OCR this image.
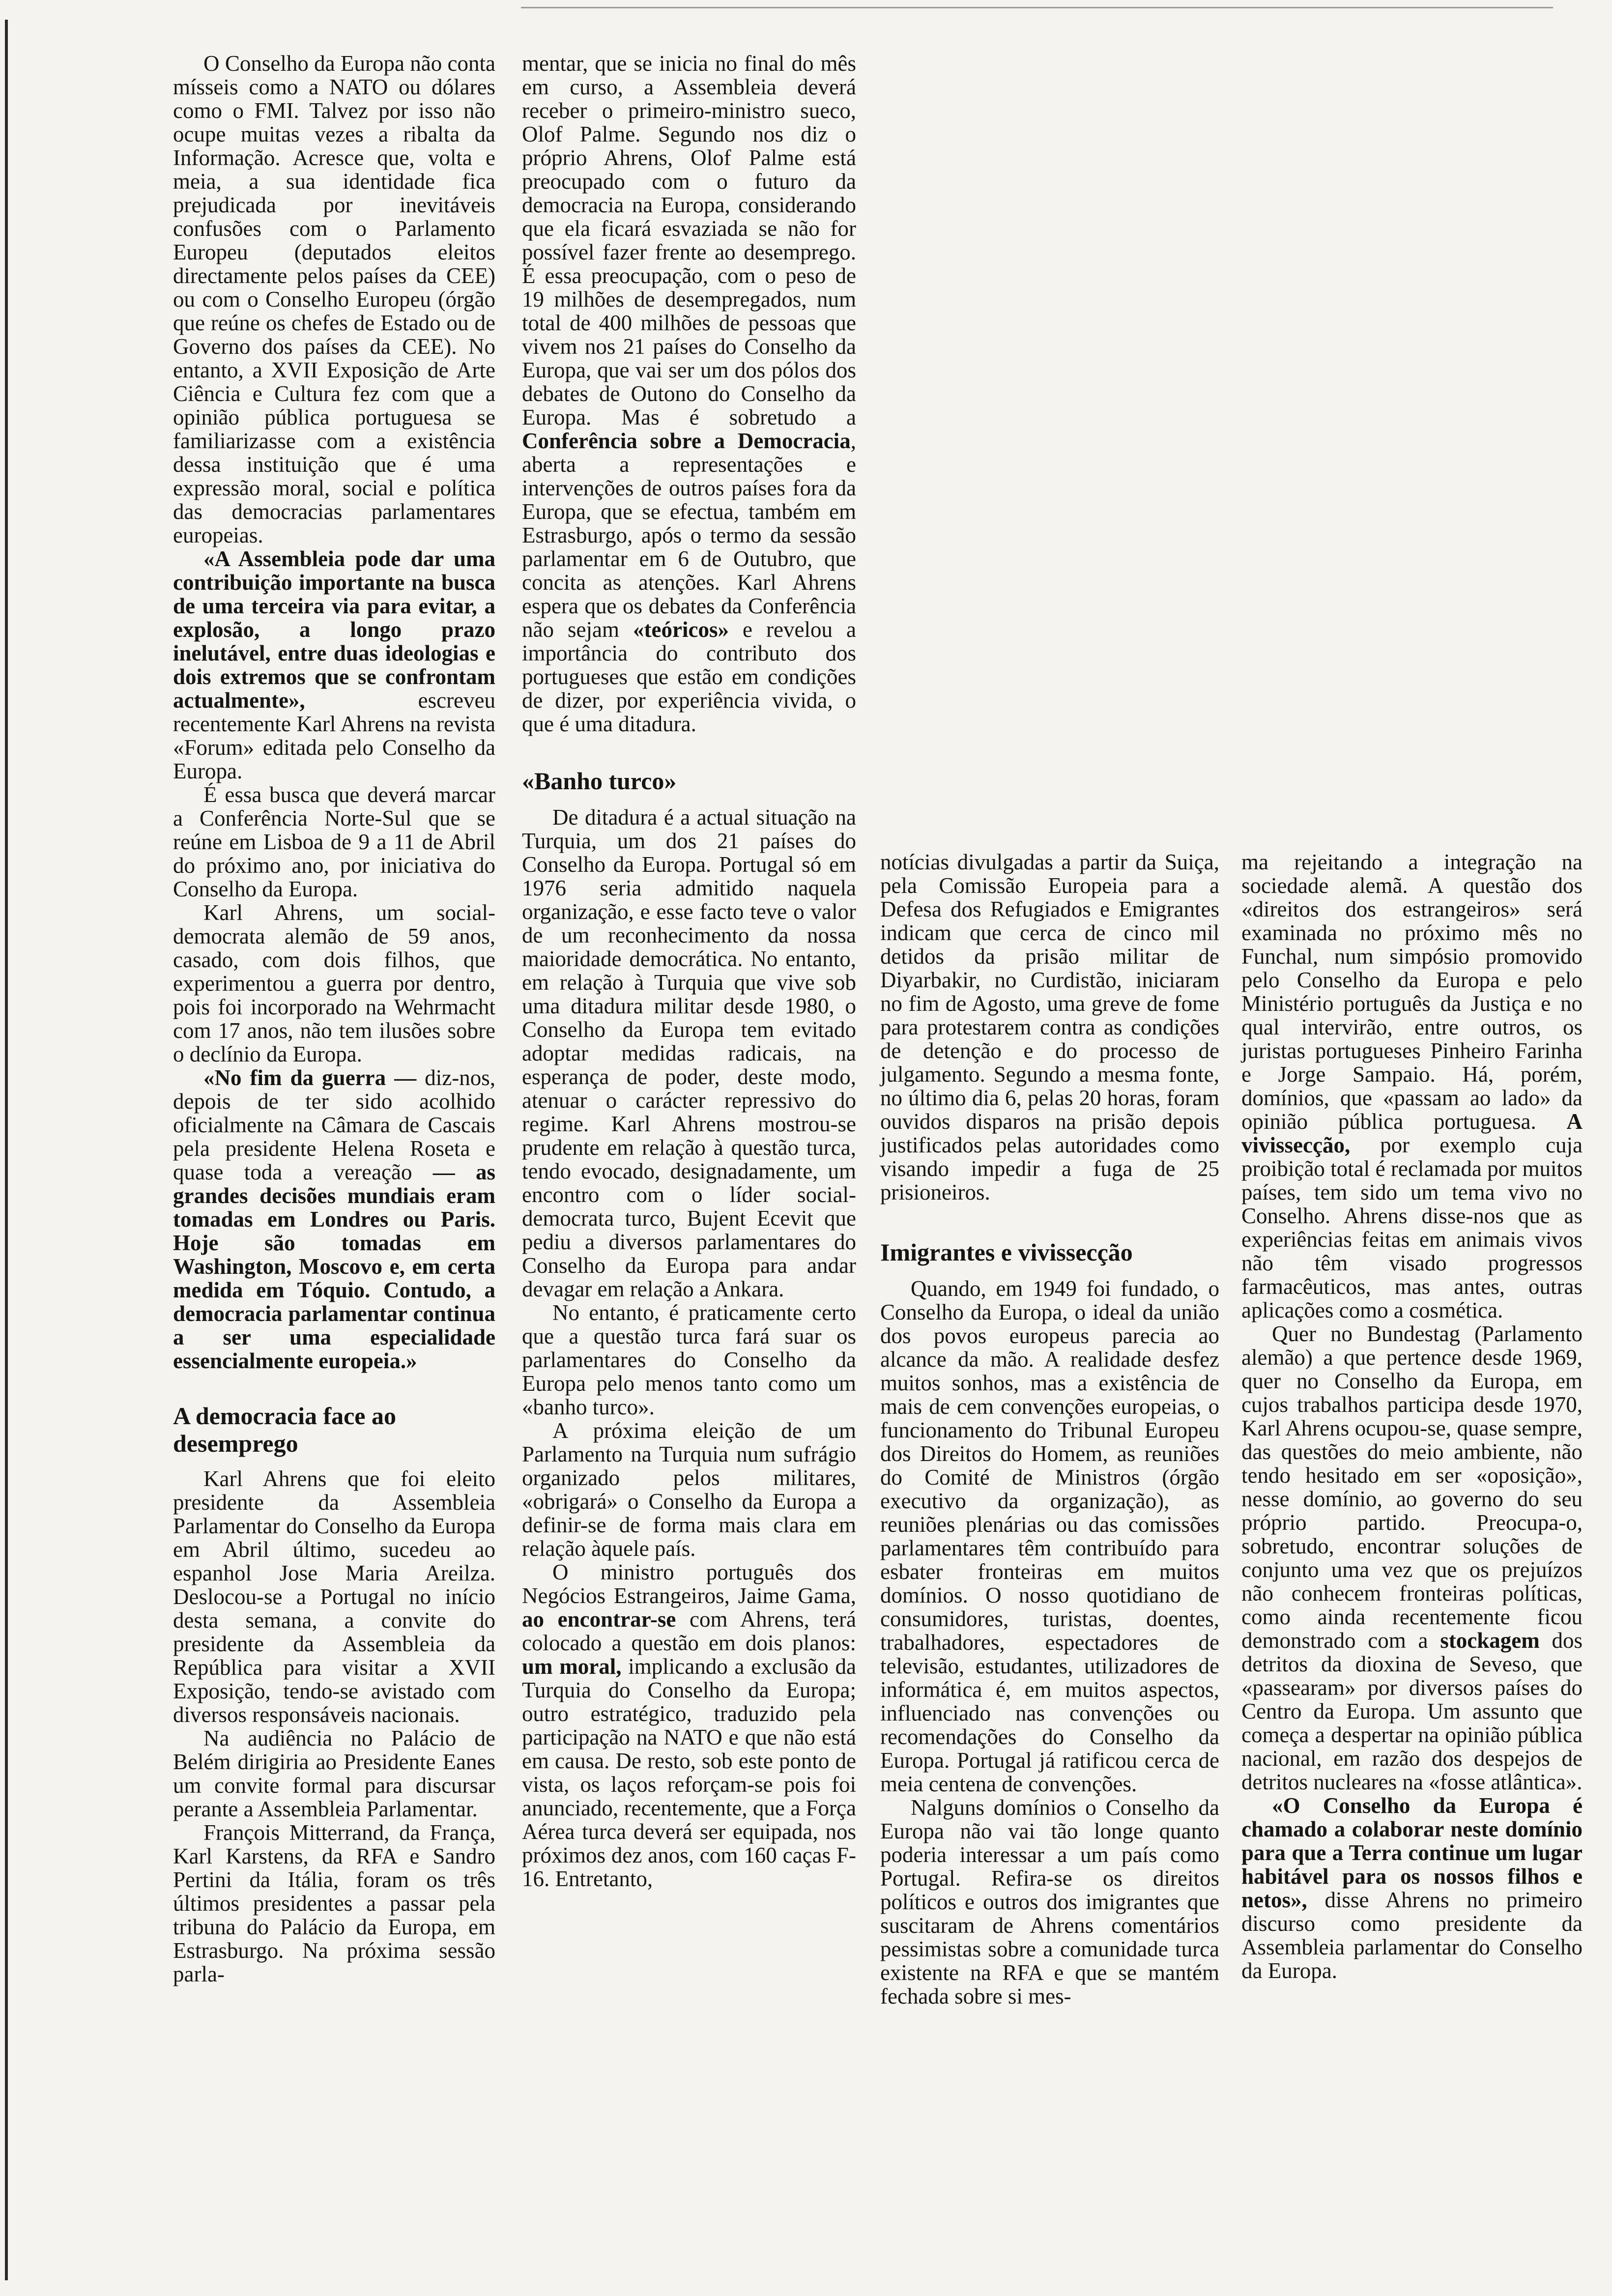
O Conselho da Europa não conta mísseis como a NATO ou dólares como o FMI. Talvez por isso não ocupe muitas vezes a ribalta da Informação. Acresce que, volta e meia, a sua identidade fica prejudicada por inevitáveis confusões com o Parlamento Europeu (deputados eleitos directamente pelos países da CEE) ou com o Conselho Europeu (órgão que reúne os chefes de Estado ou de Governo dos países da CEE). No entanto, a XVII Exposição de Arte Ciência e Cultura fez com que a opinião pública portuguesa se familiarizasse com a existência dessa instituição que é uma expressão moral, social e política das democracias parlamentares europeias.

«A Assembleia pode dar uma contribuição importante na busca de uma terceira via para evitar, a explosão, a longo prazo inelutável, entre duas ideologias e dois extremos que se confrontam actualmente», escreveu recentemente Karl Ahrens na revista «Forum» editada pelo Conselho da Europa.

É essa busca que deverá marcar a Conferência Norte-Sul que se reúne em Lisboa de 9 a 11 de Abril do próximo ano, por iniciativa do Conselho da Europa.

Karl Ahrens, um social-democrata alemão de 59 anos, casado, com dois filhos, que experimentou a guerra por dentro, pois foi incorporado na Wehrmacht com 17 anos, não tem ilusões sobre o declínio da Europa.

«No fim da guerra — diz-nos, depois de ter sido acolhido oficialmente na Câmara de Cascais pela presidente Helena Roseta e quase toda a vereação — as grandes decisões mundiais eram tomadas em Londres ou Paris. Hoje são tomadas em Washington, Moscovo e, em certa medida em Tóquio. Contudo, a democracia parlamentar continua a ser uma especialidade essencialmente europeia.»

A democracia face ao desemprego

Karl Ahrens que foi eleito presidente da Assembleia Parlamentar do Conselho da Europa em Abril último, sucedeu ao espanhol Jose Maria Areilza. Deslocou-se a Portugal no início desta semana, a convite do presidente da Assembleia da República para visitar a XVII Exposição, tendo-se avistado com diversos responsáveis nacionais.

Na audiência no Palácio de Belém dirigiria ao Presidente Eanes um convite formal para discursar perante a Assembleia Parlamentar.

François Mitterrand, da França, Karl Karstens, da RFA e Sandro Pertini da Itália, foram os três últimos presidentes a passar pela tribuna do Palácio da Europa, em Estrasburgo. Na próxima sessão parla-

mentar, que se inicia no final do mês em curso, a Assembleia deverá receber o primeiro-ministro sueco, Olof Palme. Segundo nos diz o próprio Ahrens, Olof Palme está preocupado com o futuro da democracia na Europa, considerando que ela ficará esvaziada se não for possível fazer frente ao desemprego. É essa preocupação, com o peso de 19 milhões de desempregados, num total de 400 milhões de pessoas que vivem nos 21 países do Conselho da Europa, que vai ser um dos pólos dos debates de Outono do Conselho da Europa. Mas é sobretudo a Conferência sobre a Democracia, aberta a representações e intervenções de outros países fora da Europa, que se efectua, também em Estrasburgo, após o termo da sessão parlamentar em 6 de Outubro, que concita as atenções. Karl Ahrens espera que os debates da Conferência não sejam «teóricos» e revelou a importância do contributo dos portugueses que estão em condições de dizer, por experiência vivida, o que é uma ditadura.

«Banho turco»

De ditadura é a actual situação na Turquia, um dos 21 países do Conselho da Europa. Portugal só em 1976 seria admitido naquela organização, e esse facto teve o valor de um reconhecimento da nossa maioridade democrática. No entanto, em relação à Turquia que vive sob uma ditadura militar desde 1980, o Conselho da Europa tem evitado adoptar medidas radicais, na esperança de poder, deste modo, atenuar o carácter repressivo do regime. Karl Ahrens mostrou-se prudente em relação à questão turca, tendo evocado, designadamente, um encontro com o líder social-democrata turco, Bujent Ecevit que pediu a diversos parlamentares do Conselho da Europa para andar devagar em relação a Ankara.

No entanto, é praticamente certo que a questão turca fará suar os parlamentares do Conselho da Europa pelo menos tanto como um «banho turco».

A próxima eleição de um Parlamento na Turquia num sufrágio organizado pelos militares, «obrigará» o Conselho da Europa a definir-se de forma mais clara em relação àquele país.

O ministro português dos Negócios Estrangeiros, Jaime Gama, ao encontrar-se com Ahrens, terá colocado a questão em dois planos: um moral, implicando a exclusão da Turquia do Conselho da Europa; outro estratégico, traduzido pela participação na NATO e que não está em causa. De resto, sob este ponto de vista, os laços reforçam-se pois foi anunciado, recentemente, que a Força Aérea turca deverá ser equipada, nos próximos dez anos, com 160 caças F-16. Entretanto,

notícias divulgadas a partir da Suiça, pela Comissão Europeia para a Defesa dos Refugiados e Emigrantes indicam que cerca de cinco mil detidos da prisão militar de Diyarbakir, no Curdistão, iniciaram no fim de Agosto, uma greve de fome para protestarem contra as condições de detenção e do processo de julgamento. Segundo a mesma fonte, no último dia 6, pelas 20 horas, foram ouvidos disparos na prisão depois justificados pelas autoridades como visando impedir a fuga de 25 prisioneiros.

Imigrantes e vivissecção

Quando, em 1949 foi fundado, o Conselho da Europa, o ideal da união dos povos europeus parecia ao alcance da mão. A realidade desfez muitos sonhos, mas a existência de mais de cem convenções europeias, o funcionamento do Tribunal Europeu dos Direitos do Homem, as reuniões do Comité de Ministros (órgão executivo da organização), as reuniões plenárias ou das comissões parlamentares têm contribuído para esbater fronteiras em muitos domínios. O nosso quotidiano de consumidores, turistas, doentes, trabalhadores, espectadores de televisão, estudantes, utilizadores de informática é, em muitos aspectos, influenciado nas convenções ou recomendações do Conselho da Europa. Portugal já ratificou cerca de meia centena de convenções.

Nalguns domínios o Conselho da Europa não vai tão longe quanto poderia interessar a um país como Portugal. Refira-se os direitos políticos e outros dos imigrantes que suscitaram de Ahrens comentários pessimistas sobre a comunidade turca existente na RFA e que se mantém fechada sobre si mes-

ma rejeitando a integração na sociedade alemã. A questão dos «direitos dos estrangeiros» será examinada no próximo mês no Funchal, num simpósio promovido pelo Conselho da Europa e pelo Ministério português da Justiça e no qual intervirão, entre outros, os juristas portugueses Pinheiro Farinha e Jorge Sampaio. Há, porém, domínios, que «passam ao lado» da opinião pública portuguesa. A vivissecção, por exemplo cuja proibição total é reclamada por muitos países, tem sido um tema vivo no Conselho. Ahrens disse-nos que as experiências feitas em animais vivos não têm visado progressos farmacêuticos, mas antes, outras aplicações como a cosmética.

Quer no Bundestag (Parlamento alemão) a que pertence desde 1969, quer no Conselho da Europa, em cujos trabalhos participa desde 1970, Karl Ahrens ocupou-se, quase sempre, das questões do meio ambiente, não tendo hesitado em ser «oposição», nesse domínio, ao governo do seu próprio partido. Preocupa-o, sobretudo, encontrar soluções de conjunto uma vez que os prejuízos não conhecem fronteiras políticas, como ainda recentemente ficou demonstrado com a stockagem dos detritos da dioxina de Seveso, que «passearam» por diversos países do Centro da Europa. Um assunto que começa a despertar na opinião pública nacional, em razão dos despejos de detritos nucleares na «fosse atlântica».

«O Conselho da Europa é chamado a colaborar neste domínio para que a Terra continue um lugar habitável para os nossos filhos e netos», disse Ahrens no primeiro discurso como presidente da Assembleia parlamentar do Conselho da Europa.
